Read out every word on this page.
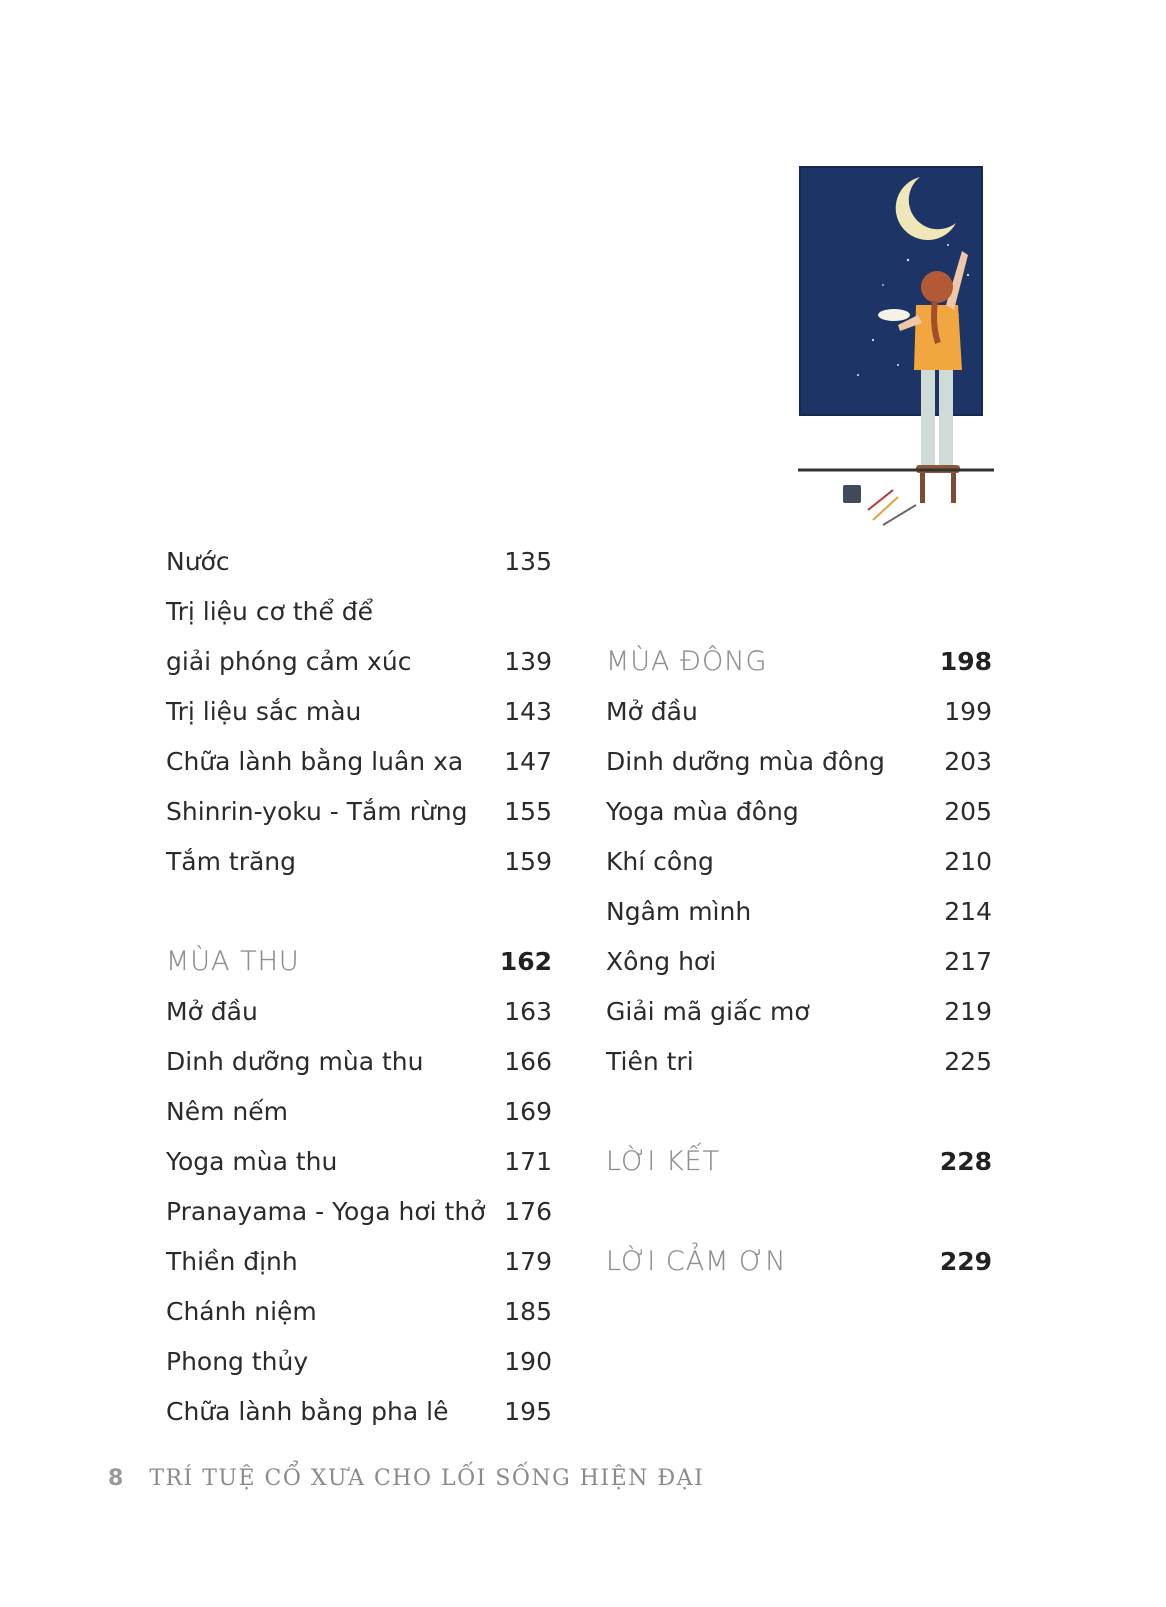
Nước	135
Trị liệu cơ thể để
giải phóng cảm xúc	139
Trị liệu sắc màu	143
Chữa lành bằng luân xa	147
Shinrin-yoku - Tắm rừng	155
Tắm trăng	159
MÙA THU	162
Mở đầu	163
Dinh dưỡng mùa thu	166
Nêm nếm	169
Yoga mùa thu	171
Pranayama - Yoga hơi thở 176
Thiền định	179
Chánh niệm	185
Phong thủy	190
Chữa lành bằng pha lê	195
MÙA ĐÔNG	198
Mở đầu	199
Dinh dưỡng mùa đông	203
Yoga mùa đông	205
Khí công	210
Ngâm mình	214
Xông hơi	217
Giải mã giấc mơ	219
Tiên tri	225
LỜI KẾT	228
LỜI CẢM ƠN	229
8 TRÍ TUỆ CỔ XƯA CHO LỐI SỐNG HIỆN ĐẠI
